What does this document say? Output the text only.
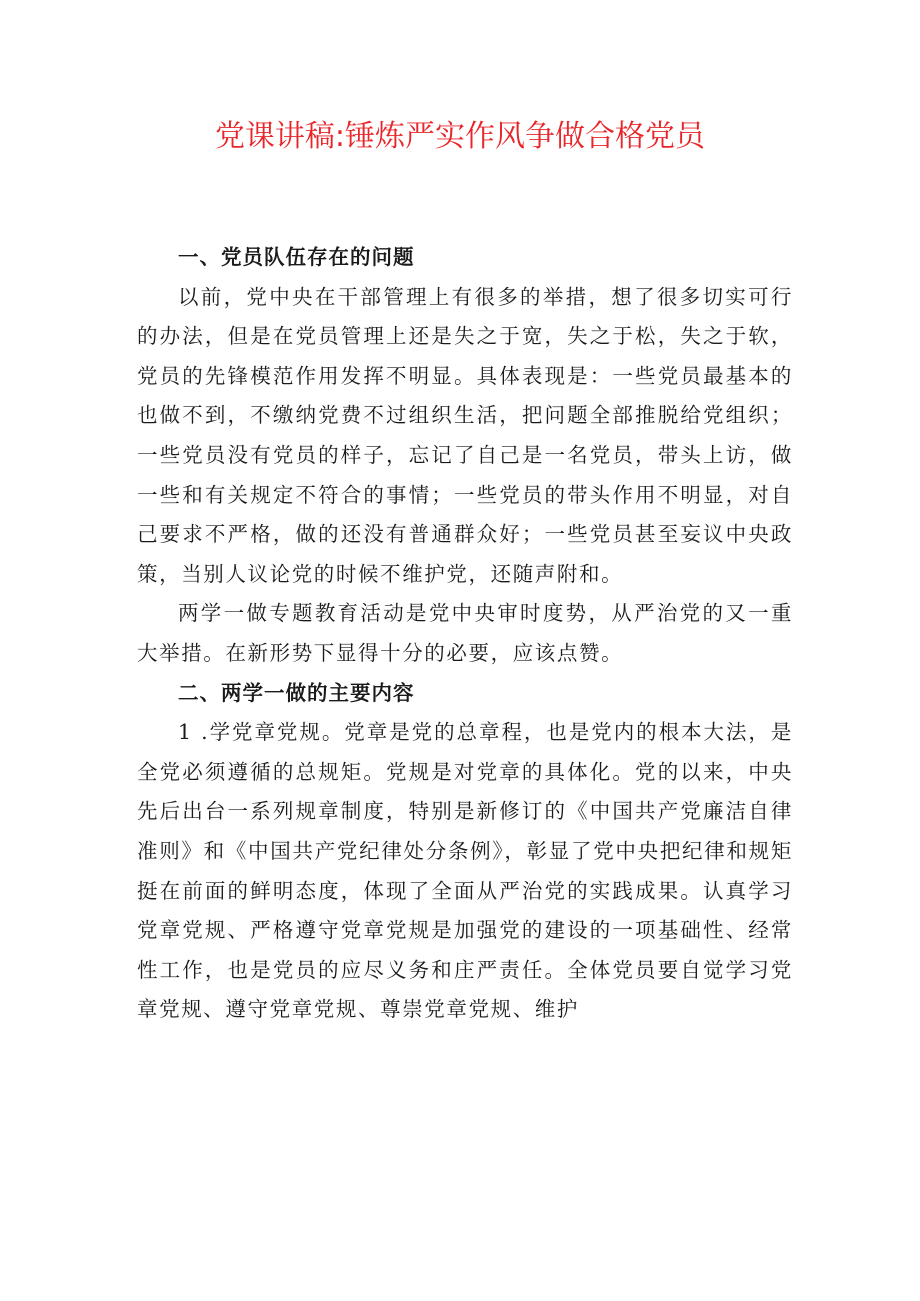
党课讲稿:锤炼严实作风争做合格党员
一、党员队伍存在的问题

以前，党中央在干部管理上有很多的举措，想了很多切实可行的办法，但是在党员管理上还是失之于宽，失之于松，失之于软，党员的先锋模范作用发挥不明显。具体表现是：一些党员最基本的也做不到，不缴纳党费不过组织生活，把问题全部推脱给党组织；一些党员没有党员的样子，忘记了自己是一名党员，带头上访，做一些和有关规定不符合的事情；一些党员的带头作用不明显，对自己要求不严格，做的还没有普通群众好；一些党员甚至妄议中央政策，当别人议论党的时候不维护党，还随声附和。

两学一做专题教育活动是党中央审时度势，从严治党的又一重大举措。在新形势下显得十分的必要，应该点赞。

二、两学一做的主要内容

1 .学党章党规。党章是党的总章程，也是党内的根本大法，是全党必须遵循的总规矩。党规是对党章的具体化。党的以来，中央先后出台一系列规章制度，特别是新修订的《中国共产党廉洁自律准则》和《中国共产党纪律处分条例》，彰显了党中央把纪律和规矩挺在前面的鲜明态度，体现了全面从严治党的实践成果。认真学习党章党规、严格遵守党章党规是加强党的建设的一项基础性、经常性工作，也是党员的应尽义务和庄严责任。全体党员要自觉学习党章党规、遵守党章党规、尊崇党章党规、维护
